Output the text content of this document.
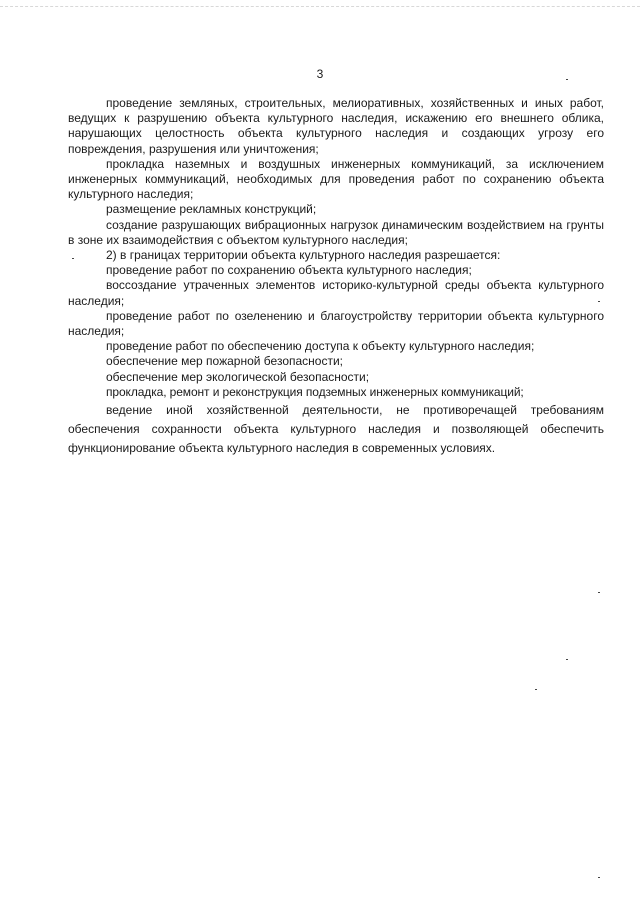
3

проведение земляных, строительных, мелиоративных, хозяйственных и иных работ, ведущих к разрушению объекта культурного наследия, искажению его внешнего облика, нарушающих целостность объекта культурного наследия и создающих угрозу его повреждения, разрушения или уничтожения;

прокладка наземных и воздушных инженерных коммуникаций, за исключением инженерных коммуникаций, необходимых для проведения работ по сохранению объекта культурного наследия;

размещение рекламных конструкций;

создание разрушающих вибрационных нагрузок динамическим воздействием на грунты в зоне их взаимодействия с объектом культурного наследия;

2) в границах территории объекта культурного наследия разрешается:

проведение работ по сохранению объекта культурного наследия;

воссоздание утраченных элементов историко-культурной среды объекта культурного наследия;

проведение работ по озеленению и благоустройству территории объекта культурного наследия;

проведение работ по обеспечению доступа к объекту культурного наследия;

обеспечение мер пожарной безопасности;

обеспечение мер экологической безопасности;

прокладка, ремонт и реконструкция подземных инженерных коммуникаций;

ведение иной хозяйственной деятельности, не противоречащей требованиям обеспечения сохранности объекта культурного наследия и позволяющей обеспечить функционирование объекта культурного наследия в современных условиях.
